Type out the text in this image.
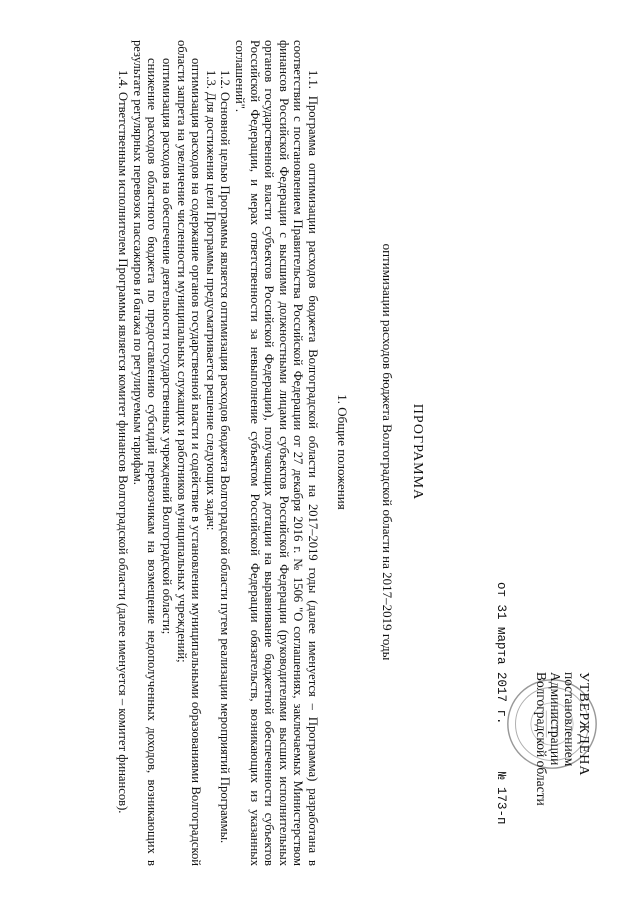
УТВЕРЖДЕНА
постановлением
Администрации
Волгоградской области
от 31 марта 2017 г. № 173-п
ПРОГРАММА
оптимизации расходов бюджета Волгоградской области на 2017–2019 годы
1. Общие положения

1.1. Программа оптимизации расходов бюджета Волгоградской области на 2017–2019 годы (далее именуется – Программа) разработана в соответствии с постановлением Правительства Российской Федерации от 27 декабря 2016 г. № 1506 "О соглашениях, заключаемых Министерством финансов Российской Федерации с высшими должностными лицами субъектов Российской Федерации (руководителями высших исполнительных органов государственной власти субъектов Российской Федерации), получающих дотации на выравнивание бюджетной обеспеченности субъектов Российской Федерации, и мерах ответственности за невыполнение субъектом Российской Федерации обязательств, возникающих из указанных соглашений".

1.2. Основной целью Программы является оптимизация расходов бюджета Волгоградской области путем реализации мероприятий Программы.

1.3. Для достижения цели Программы предусматривается решение следующих задач:

оптимизация расходов на содержание органов государственной власти и содействие в установлении муниципальными образованиями Волгоградской области запрета на увеличение численности муниципальных служащих и работников муниципальных учреждений;

оптимизация расходов на обеспечение деятельности государственных учреждений Волгоградской области;

снижение расходов областного бюджета по предоставлению субсидий перевозчикам на возмещение недополученных доходов, возникающих в результате регулярных перевозок пассажиров и багажа по регулируемым тарифам.

1.4. Ответственным исполнителем Программы является комитет финансов Волгоградской области (далее именуется – комитет финансов).
